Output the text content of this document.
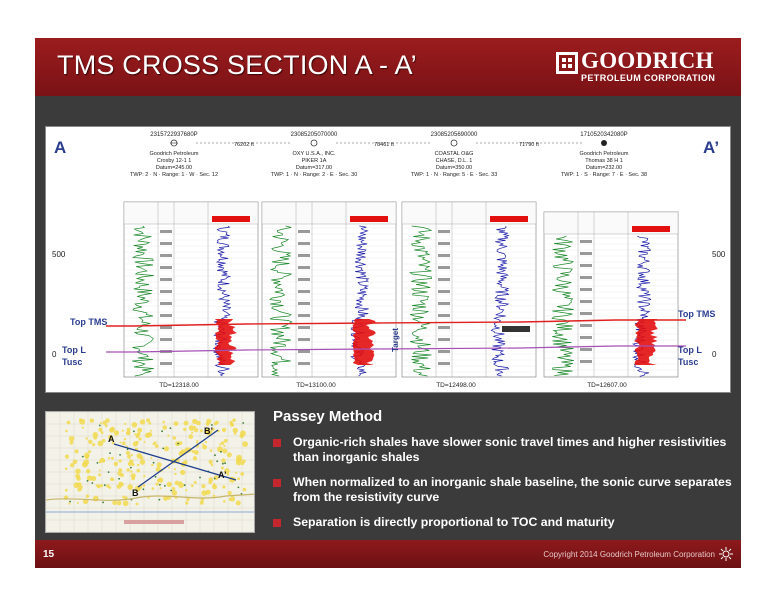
TMS CROSS SECTION A - A’	GOODRICH
PETROLEUM CORPORATION
A	A’
2315722937680P
Goodrich Petroleum
Crosby 12-1 1
Datum=245.00
TWP: 2 · N · Range: 1 · W · Sec. 12
23085205070000
OXY U.S.A., INC.
PIKER 1A
Datum=317.00
TWP: 1 · N · Range: 2 · E · Sec. 30
23085205690000
COASTAL O&G
CHASE, D.L. 1
Datum=350.00
TWP: 1 · N · Range: 5 · E · Sec. 33
1710520342080P
Goodrich Petroleum
Thomas 38 H 1
Datum=232.00
TWP: 1 · S · Range: 7 · E · Sec. 38
76202 ft	78461 ft	71790 ft
500
0
500
0
Top TMS
Top TMS
Top L
Tusc
Top L
Tusc
Target
TD=12318.00	TD=13100.00	TD=12498.00	TD=12607.00
A
B
B’
A’
Passey Method
Organic-rich shales have slower sonic travel times and higher resistivities than inorganic shales
When normalized to an inorganic shale baseline, the sonic curve separates from the resistivity curve
Separation is directly proportional to TOC and maturity
15	Copyright 2014 Goodrich Petroleum Corporation
